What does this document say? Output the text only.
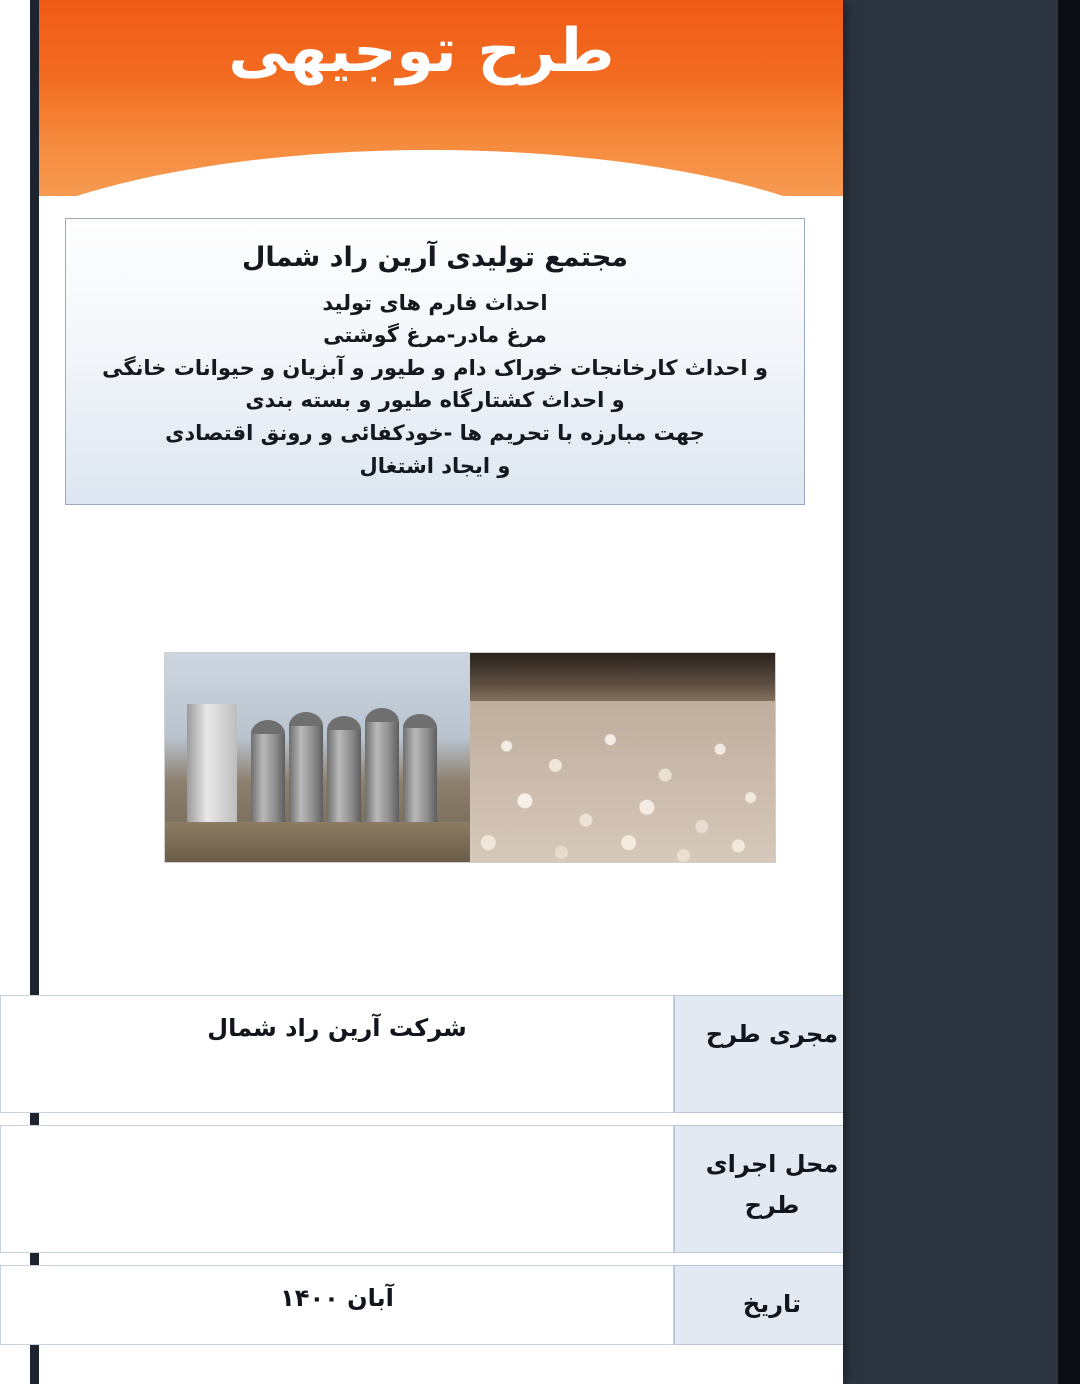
طرح توجیهی
مجتمع تولیدی آرین راد شمال
احداث فارم های تولید
مرغ مادر-مرغ گوشتی
و احداث کارخانجات خوراک دام و طیور و آبزیان و حیوانات خانگی
و احداث کشتارگاه طیور و بسته بندی
جهت مبارزه با تحریم ها -خودکفائی و رونق اقتصادی
و ایجاد اشتغال
مجری طرح
شرکت آرین راد شمال
محل اجرای طرح
تاریخ
آبان ۱۴۰۰
